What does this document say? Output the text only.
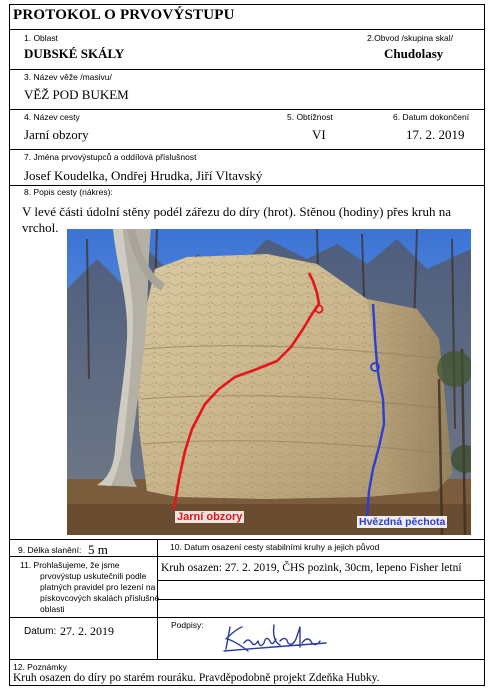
PROTOKOL O PRVOVÝSTUPU
1. Oblast
DUBSKÉ SKÁLY
2.Obvod /skupina skal/
Chudolasy
3. Název věže /masivu/
VĚŽ POD BUKEM
4. Název cesty
Jarní obzory
5. Obtížnost
VI
6. Datum dokončení
17. 2. 2019
7. Jména prvovýstupců a oddílová příslušnost
Josef Koudelka, Ondřej Hrudka, Jiří Vltavský
8. Popis cesty (nákres):
V levé části údolní stěny podél zářezu do díry (hrot). Stěnou (hodiny) přes kruh na
vrchol.
Jarní obzory	Hvězdná pěchota
9. Délka slanění: 5 m	10. Datum osazení cesty stabilními kruhy a jejich původ
11. Prohlašujeme, že jsme
prvovýstup uskutečnili podle
platných pravidel pro lezení na
pískovcových skalách příslušné
oblasti
Kruh osazen: 27. 2. 2019, ČHS pozink, 30cm, lepeno Fisher letní
Datum: 27. 2. 2019	Podpisy:
12. Poznámky
Kruh osazen do díry po starém rouráku. Pravděpodobně projekt Zdeňka Hubky.
